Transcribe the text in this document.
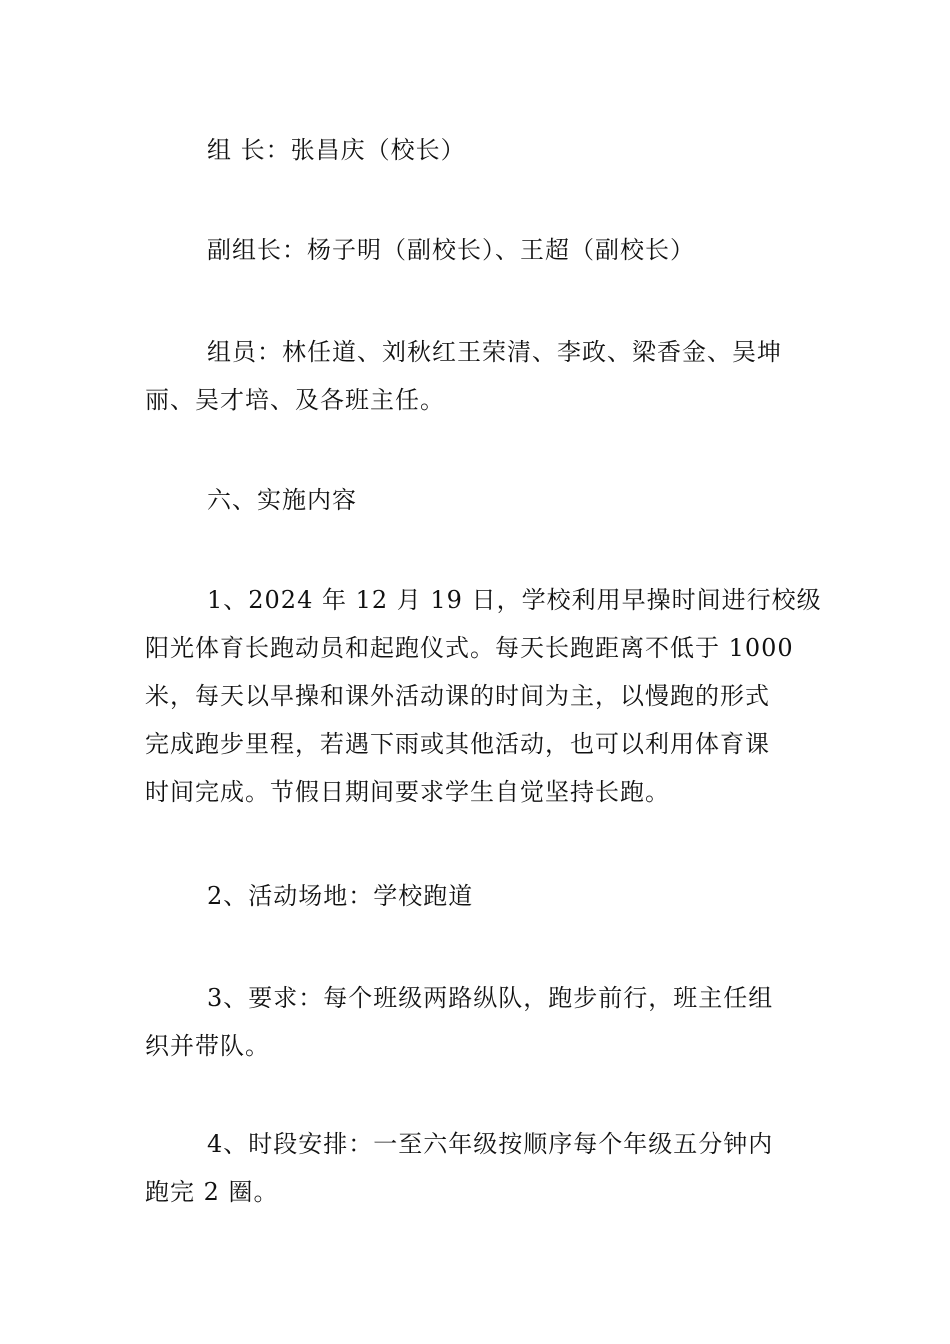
组 长：张昌庆（校长）

副组长：杨子明（副校长）、王超（副校长）

组员：林任道、刘秋红王荣清、李政、梁香金、吴坤
丽、吴才培、及各班主任。

六、实施内容

1、2024 年 12 月 19 日，学校利用早操时间进行校级
阳光体育长跑动员和起跑仪式。每天长跑距离不低于 1000
米，每天以早操和课外活动课的时间为主，以慢跑的形式
完成跑步里程，若遇下雨或其他活动，也可以利用体育课
时间完成。节假日期间要求学生自觉坚持长跑。

2、活动场地：学校跑道

3、要求：每个班级两路纵队，跑步前行，班主任组
织并带队。

4、时段安排：一至六年级按顺序每个年级五分钟内
跑完 2 圈。
